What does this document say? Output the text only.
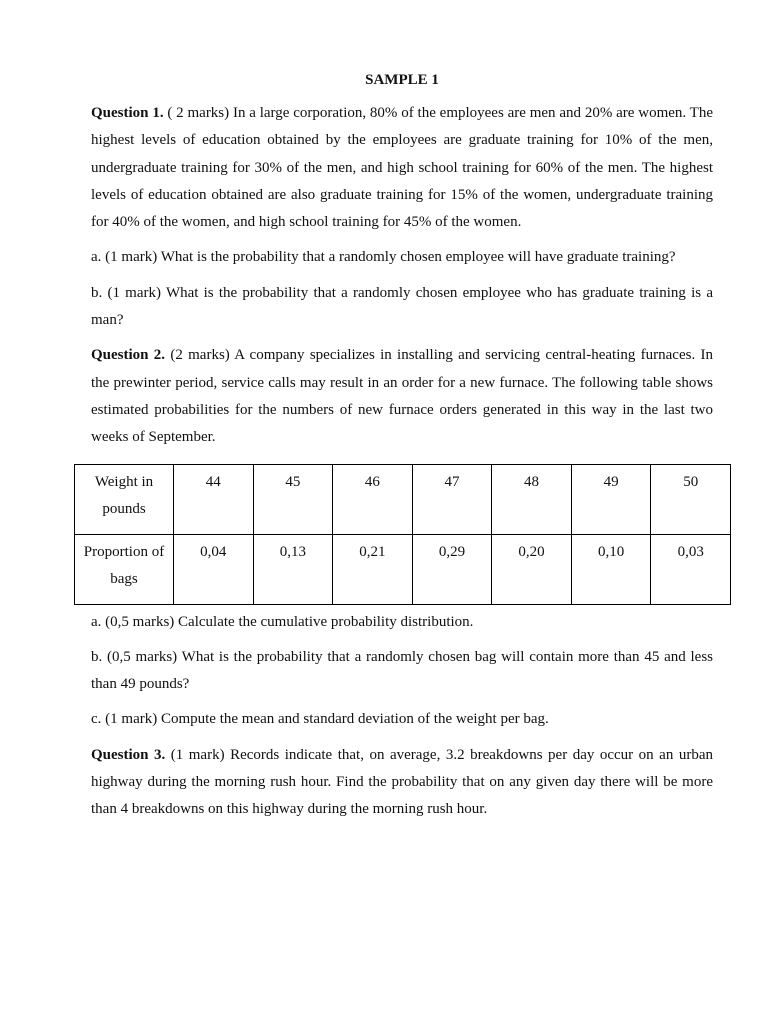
SAMPLE 1

Question 1. ( 2 marks) In a large corporation, 80% of the employees are men and 20% are women. The highest levels of education obtained by the employees are graduate training for 10% of the men, undergraduate training for 30% of the men, and high school training for 60% of the men. The highest levels of education obtained are also graduate training for 15% of the women, undergraduate training for 40% of the women, and high school training for 45% of the women.

a. (1 mark) What is the probability that a randomly chosen employee will have graduate training?

b. (1 mark) What is the probability that a randomly chosen employee who has graduate training is a man?

Question 2. (2 marks) A company specializes in installing and servicing central-heating furnaces. In the prewinter period, service calls may result in an order for a new furnace. The following table shows estimated probabilities for the numbers of new furnace orders generated in this way in the last two weeks of September.

Weight in pounds	44	45	46	47	48	49	50
Proportion of bags	0,04	0,13	0,21	0,29	0,20	0,10	0,03

a. (0,5 marks) Calculate the cumulative probability distribution.

b. (0,5 marks) What is the probability that a randomly chosen bag will contain more than 45 and less than 49 pounds?

c. (1 mark) Compute the mean and standard deviation of the weight per bag.

Question 3. (1 mark) Records indicate that, on average, 3.2 breakdowns per day occur on an urban highway during the morning rush hour. Find the probability that on any given day there will be more than 4 breakdowns on this highway during the morning rush hour.
